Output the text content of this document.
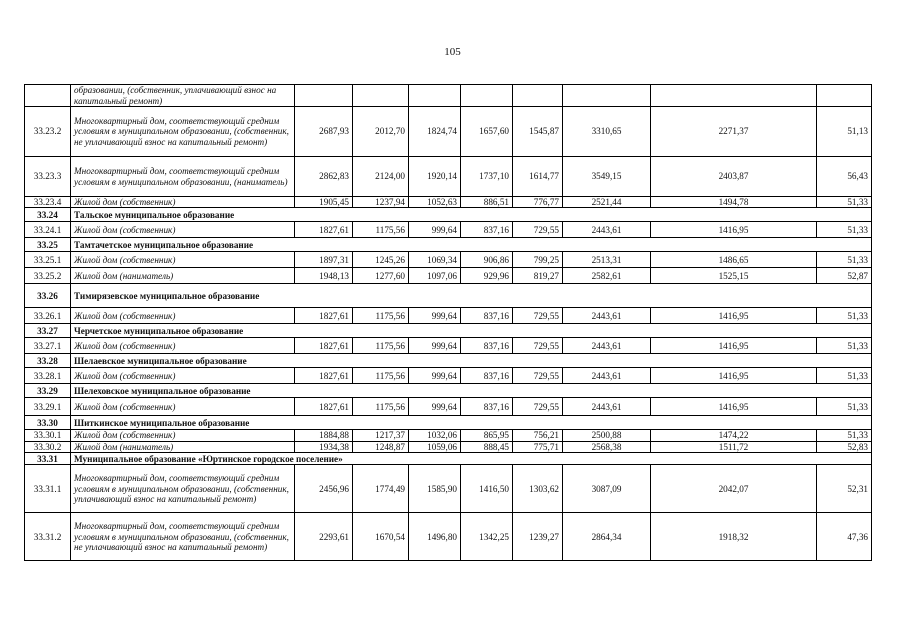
105
	образовании, (собственник, уплачивающий взнос на капитальный ремонт)								
33.23.2	Многоквартирный дом, соответствующий средним условиям в муниципальном образовании, (собственник, не уплачивающий взнос на капитальный ремонт)	2687,93	2012,70	1824,74	1657,60	1545,87	3310,65	2271,37	51,13
33.23.3	Многоквартирный дом, соответствующий средним условиям в муниципальном образовании, (наниматель)	2862,83	2124,00	1920,14	1737,10	1614,77	3549,15	2403,87	56,43
33.23.4	Жилой дом (собственник)	1905,45	1237,94	1052,63	886,51	776,77	2521,44	1494,78	51,33
33.24	Тальское муниципальное образование								
33.24.1	Жилой дом (собственник)	1827,61	1175,56	999,64	837,16	729,55	2443,61	1416,95	51,33
33.25	Тамтачетское муниципальное образование								
33.25.1	Жилой дом (собственник)	1897,31	1245,26	1069,34	906,86	799,25	2513,31	1486,65	51,33
33.25.2	Жилой дом (наниматель)	1948,13	1277,60	1097,06	929,96	819,27	2582,61	1525,15	52,87
33.26	Тимирязевское муниципальное образование								
33.26.1	Жилой дом (собственник)	1827,61	1175,56	999,64	837,16	729,55	2443,61	1416,95	51,33
33.27	Черчетское муниципальное образование								
33.27.1	Жилой дом (собственник)	1827,61	1175,56	999,64	837,16	729,55	2443,61	1416,95	51,33
33.28	Шелаевское муниципальное образование								
33.28.1	Жилой дом (собственник)	1827,61	1175,56	999,64	837,16	729,55	2443,61	1416,95	51,33
33.29	Шелеховское муниципальное образование								
33.29.1	Жилой дом (собственник)	1827,61	1175,56	999,64	837,16	729,55	2443,61	1416,95	51,33
33.30	Шиткинское муниципальное образование								
33.30.1	Жилой дом (собственник)	1884,88	1217,37	1032,06	865,95	756,21	2500,88	1474,22	51,33
33.30.2	Жилой дом (наниматель)	1934,38	1248,87	1059,06	888,45	775,71	2568,38	1511,72	52,83
33.31	Муниципальное образование «Юртинское городское поселение»								
33.31.1	Многоквартирный дом, соответствующий средним условиям в муниципальном образовании, (собственник, уплачивающий взнос на капитальный ремонт)	2456,96	1774,49	1585,90	1416,50	1303,62	3087,09	2042,07	52,31
33.31.2	Многоквартирный дом, соответствующий средним условиям в муниципальном образовании, (собственник, не уплачивающий взнос на капитальный ремонт)	2293,61	1670,54	1496,80	1342,25	1239,27	2864,34	1918,32	47,36
